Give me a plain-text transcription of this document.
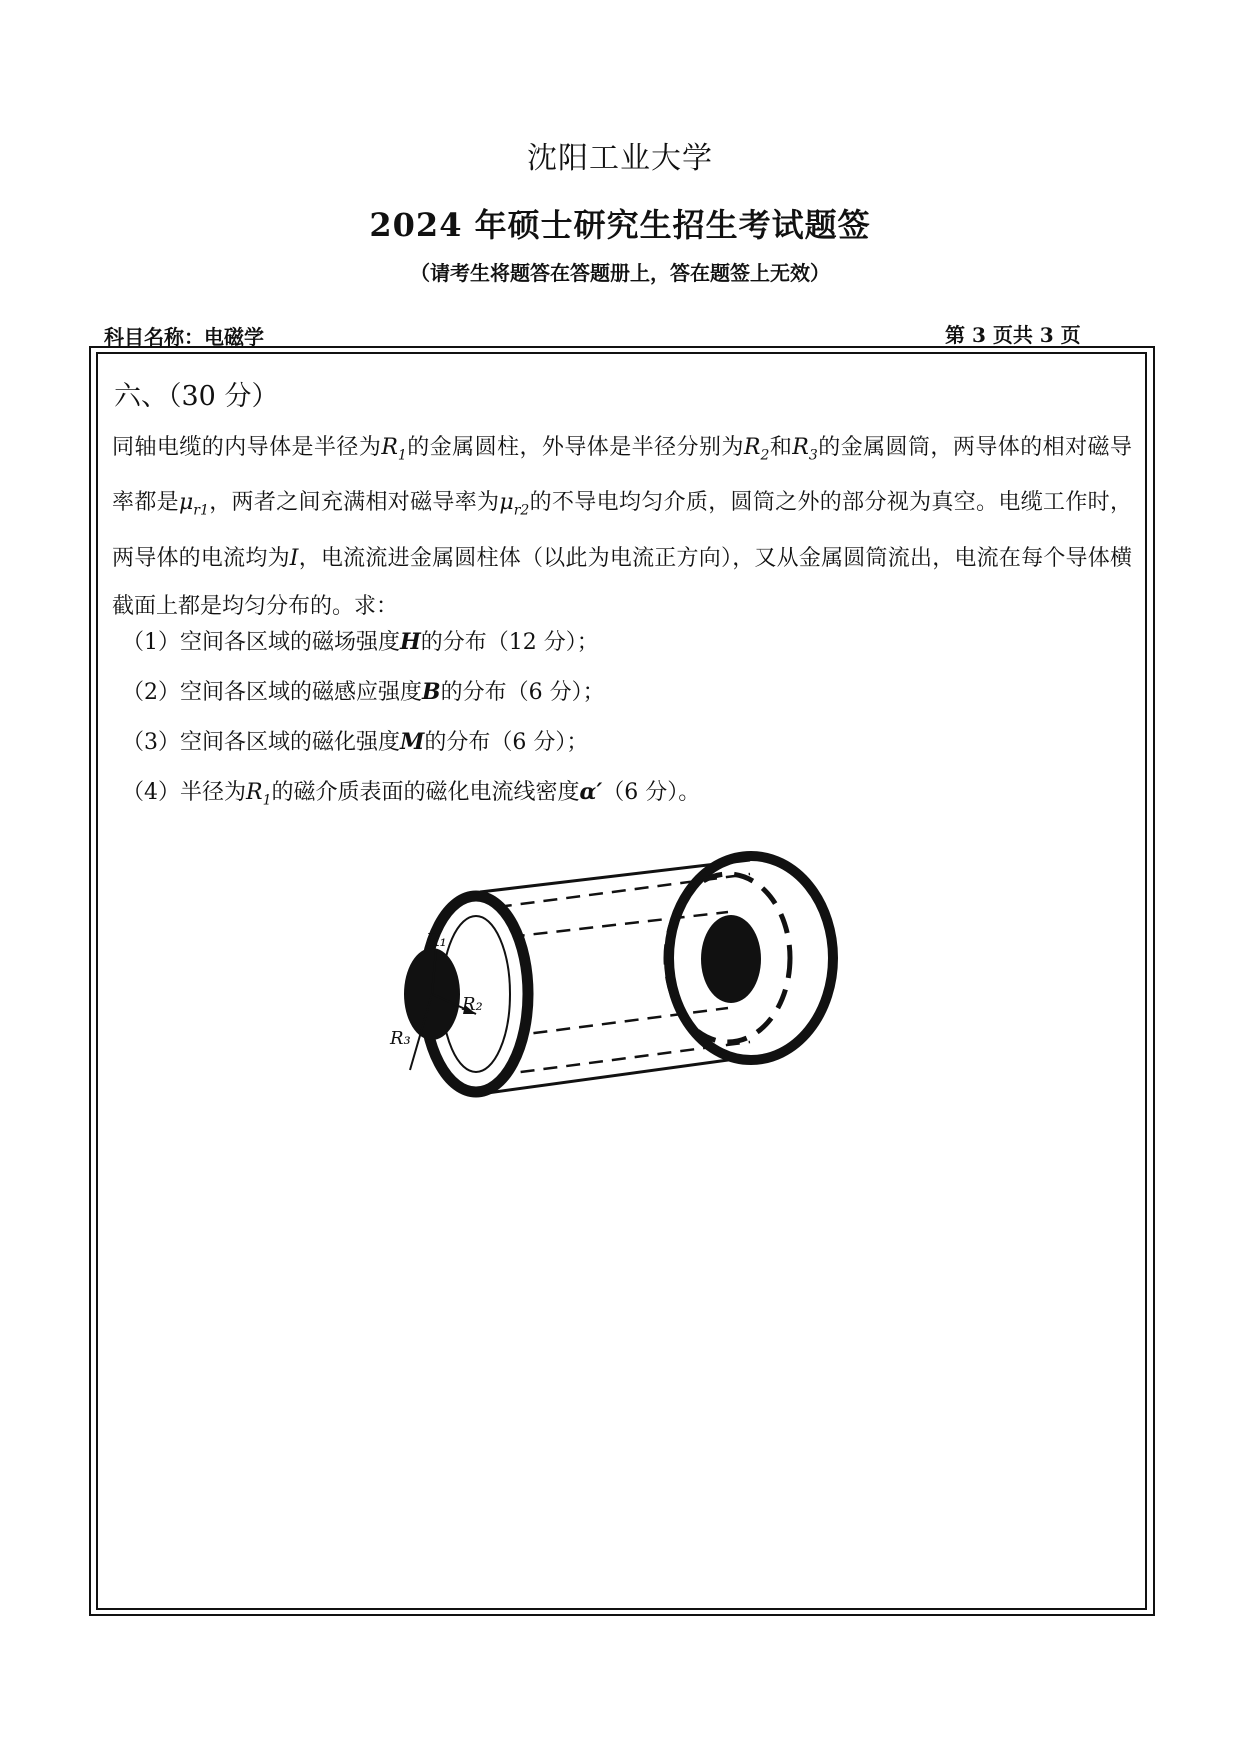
沈阳工业大学
2024 年硕士研究生招生考试题签
（请考生将题答在答题册上，答在题签上无效）
科目名称：电磁学	第 3 页共 3 页
六、（30 分）
同轴电缆的内导体是半径为$R_1$的金属圆柱，外导体是半径分别为$R_2$和$R_3$的金属圆筒，两导体的相对磁导率都是$\mu_{r1}$，两者之间充满相对磁导率为$\mu_{r2}$的不导电均匀介质，圆筒之外的部分视为真空。电缆工作时，两导体的电流均为I，电流流进金属圆柱体（以此为电流正方向），又从金属圆筒流出，电流在每个导体横截面上都是均匀分布的。求：
（1）空间各区域的磁场强度H的分布（12 分）；
（2）空间各区域的磁感应强度B的分布（6 分）；
（3）空间各区域的磁化强度M的分布（6 分）；
（4）半径为$R_1$的磁介质表面的磁化电流线密度α′（6 分）。
R₁
R₂
R₃
